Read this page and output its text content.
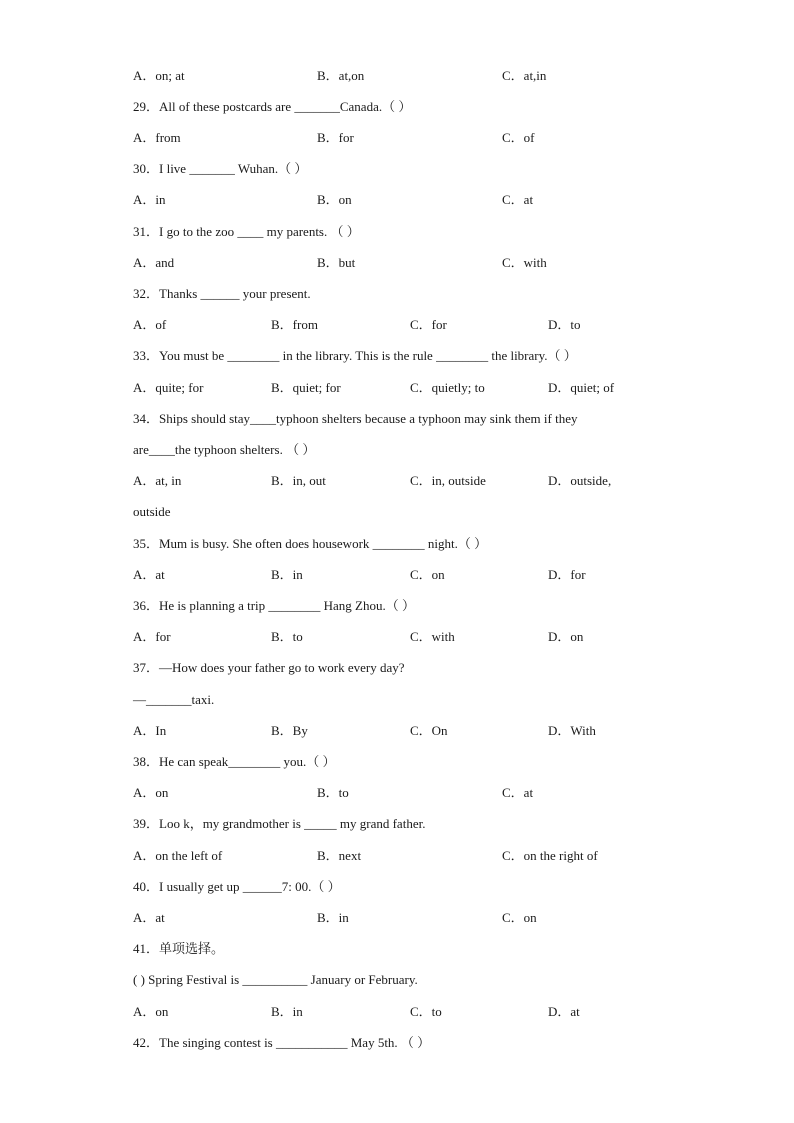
A．on; at	B．at,on	C．at,in
29．All of these postcards are _______Canada.（ ）
A．from	B．for	C．of
30．I live _______ Wuhan.（ ）
A．in	B．on	C．at
31．I go to the zoo ____ my parents. （ ）
A．and	B．but	C．with
32．Thanks ______ your present.
A．of	B．from	C．for	D．to
33．You must be ________ in the library. This is the rule ________ the library.（ ）
A．quite; for	B．quiet; for	C．quietly; to	D．quiet; of
34．Ships should stay____typhoon shelters because a typhoon may sink them if they
are____the typhoon shelters. （ ）
A．at, in	B．in, out	C．in, outside	D．outside,
outside
35．Mum is busy. She often does housework ________ night.（ ）
A．at	B．in	C．on	D．for
36．He is planning a trip ________ Hang Zhou.（ ）
A．for	B．to	C．with	D．on
37．—How does your father go to work every day?
—_______taxi.
A．In	B．By	C．On	D．With
38．He can speak________ you.（ ）
A．on	B．to	C．at
39．Loo k，my grandmother is _____ my grand father.
A．on the left of	B．next	C．on the right of
40．I usually get up ______7: 00.（ ）
A．at	B．in	C．on
41．单项选择。
( ) Spring Festival is __________ January or February.
A．on	B．in	C．to	D．at
42．The singing contest is ___________ May 5th. （ ）
